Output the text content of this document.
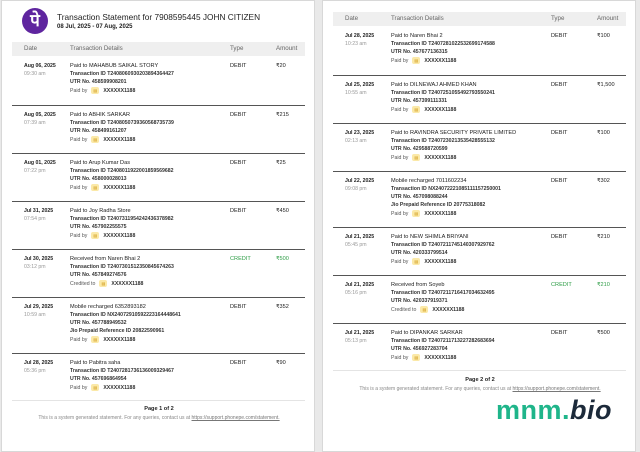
पे	Transaction Statement for 7908595445 JOHN CITIZEN
08 Jul, 2025 - 07 Aug, 2025
Date	Transaction Details	Type	Amount
Aug 06, 2025
09:30 am
Paid to MAHABUB SAIKAL STORY
Transaction ID T2408060930203894364427
UTR No. 458599908201
Paid by ▤ XXXXXX1188
DEBIT	₹20
Aug 05, 2025
07:39 am
Paid to ABHIK SARKAR
Transaction ID T2408050739360568735739
UTR No. 458499161207
Paid by ▤ XXXXXX1188
DEBIT	₹215
Aug 01, 2025
07:22 pm
Paid to Arup Kumar Das
Transaction ID T2408011922001859569682
UTR No. 458000028013
Paid by ▤ XXXXXX1188
DEBIT	₹25
Jul 31, 2025
07:54 pm
Paid to Joy Radha Store
Transaction ID T2407311954242436378982
UTR No. 457902255575
Paid by ▤ XXXXXX1188
DEBIT	₹450
Jul 30, 2025
03:12 pm
Received from Naren Bhai 2
Transaction ID T2407301512350845674263
UTR No. 457849274576
Credited to ▤ XXXXXX1188
CREDIT	₹500
Jul 29, 2025
10:59 am
Mobile recharged 6352893182
Transaction ID NX24072910592223164448641
UTR No. 457788949532
Jio Prepaid Reference ID 20822590961
Paid by ▤ XXXXXX1188
DEBIT	₹352
Jul 28, 2025
05:36 pm
Paid to Pabitra saha
Transaction ID T2407281736136009329467
UTR No. 457696864954
Paid by ▤ XXXXXX1188
DEBIT	₹90
Page 1 of 2
This is a system generated statement. For any queries, contact us at https://support.phonepe.com/statement.
Date	Transaction Details	Type	Amount
Jul 28, 2025
10:23 am
Paid to Naren Bhai 2
Transaction ID T2407281022532699174588
UTR No. 457677136315
Paid by ▤ XXXXXX1188
DEBIT	₹100
Jul 25, 2025
10:55 am
Paid to DILNEWAJ AHMED KHAN
Transaction ID T2407251055492793550241
UTR No. 457399111331
Paid by ▤ XXXXXX1188
DEBIT	₹1,500
Jul 23, 2025
02:13 am
Paid to RAVINDRA SECURITY PRIVATE LIMITED
Transaction ID T2407230213535428555132
UTR No. 429588720599
Paid by ▤ XXXXXX1188
DEBIT	₹100
Jul 22, 2025
09:08 pm
Mobile recharged 7011602234
Transaction ID NX24072221085111157250001
UTR No. 457098088244
Jio Prepaid Reference ID 20775318082
Paid by ▤ XXXXXX1188
DEBIT	₹302
Jul 21, 2025
05:45 pm
Paid to NEW SHIMLA BRIYANI
Transaction ID T2407211745140307929762
UTR No. 420333799514
Paid by ▤ XXXXXX1188
DEBIT	₹210
Jul 21, 2025
05:16 pm
Received from Soyeb
Transaction ID T2407211716417034632495
UTR No. 420337919371
Credited to ▤ XXXXXX1188
CREDIT	₹210
Jul 21, 2025
05:13 pm
Paid to DIPANKAR SARKAR
Transaction ID T2407211713227282683694
UTR No. 456927283704
Paid by ▤ XXXXXX1188
DEBIT	₹500
Page 2 of 2
This is a system generated statement. For any queries, contact us at https://support.phonepe.com/statement.
mnm.bio
